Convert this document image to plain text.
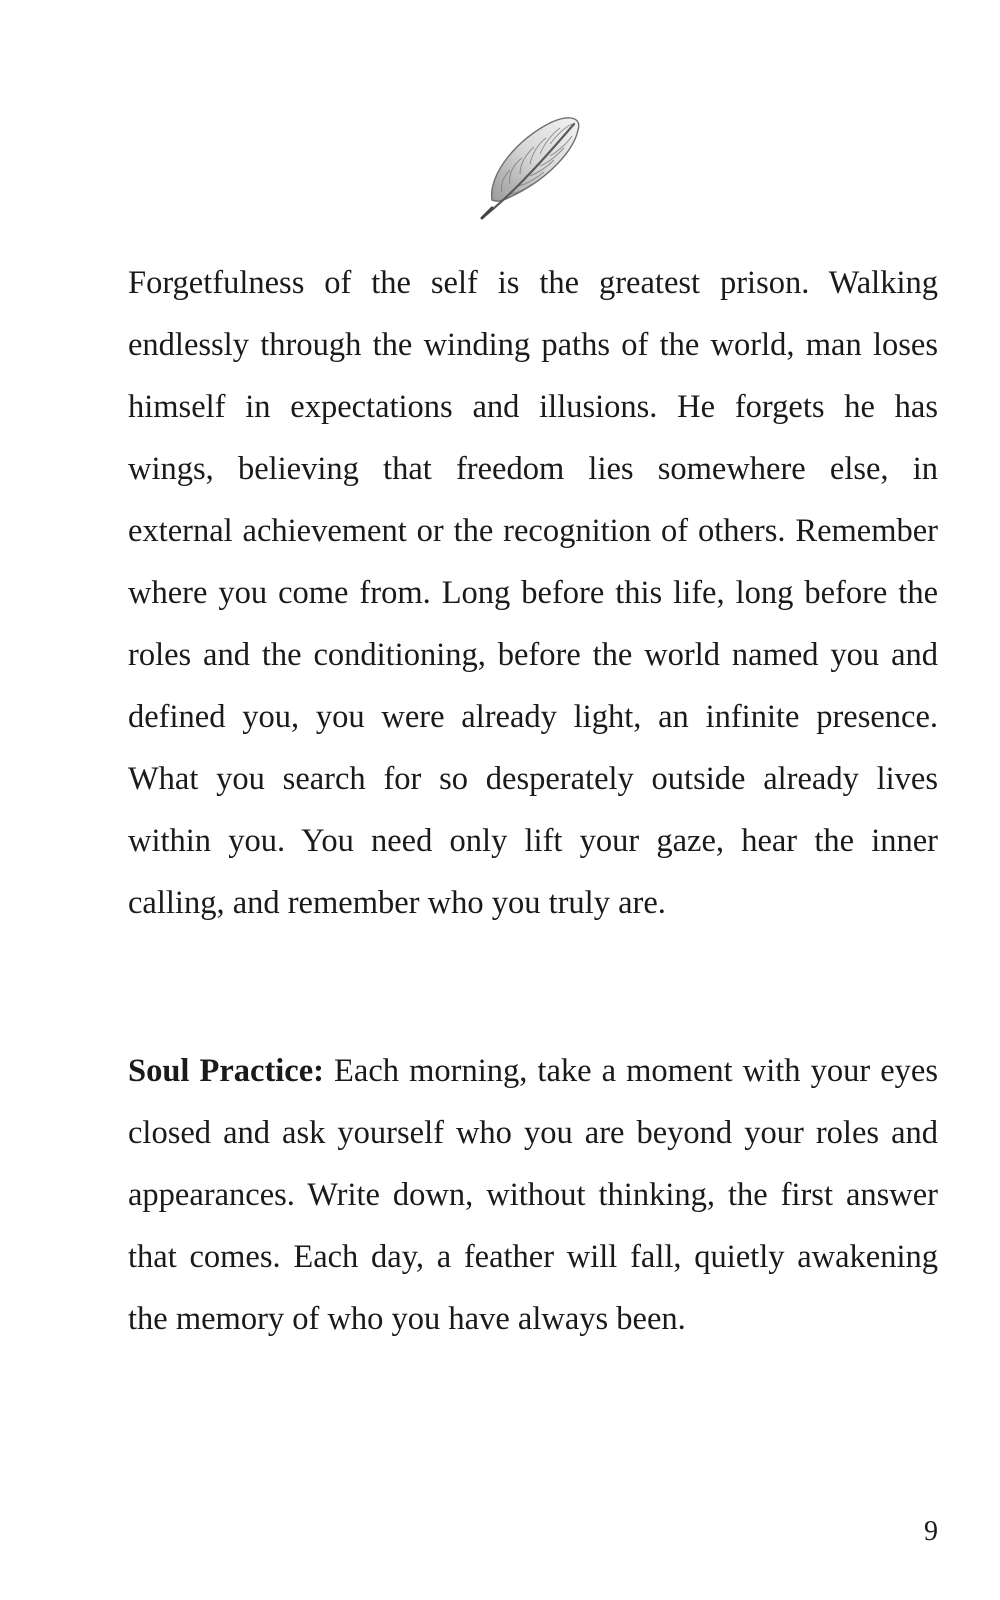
Forgetfulness of the self is the greatest prison. Walking endlessly through the winding paths of the world, man loses himself in expectations and illusions. He forgets he has wings, believing that freedom lies somewhere else, in external achievement or the recognition of others. Remember where you come from. Long before this life, long before the roles and the conditioning, before the world named you and defined you, you were already light, an infinite presence. What you search for so desperately outside already lives within you. You need only lift your gaze, hear the inner calling, and remember who you truly are.

Soul Practice: Each morning, take a moment with your eyes closed and ask yourself who you are beyond your roles and appearances. Write down, without thinking, the first answer that comes. Each day, a feather will fall, quietly awakening the memory of who you have always been.

9
